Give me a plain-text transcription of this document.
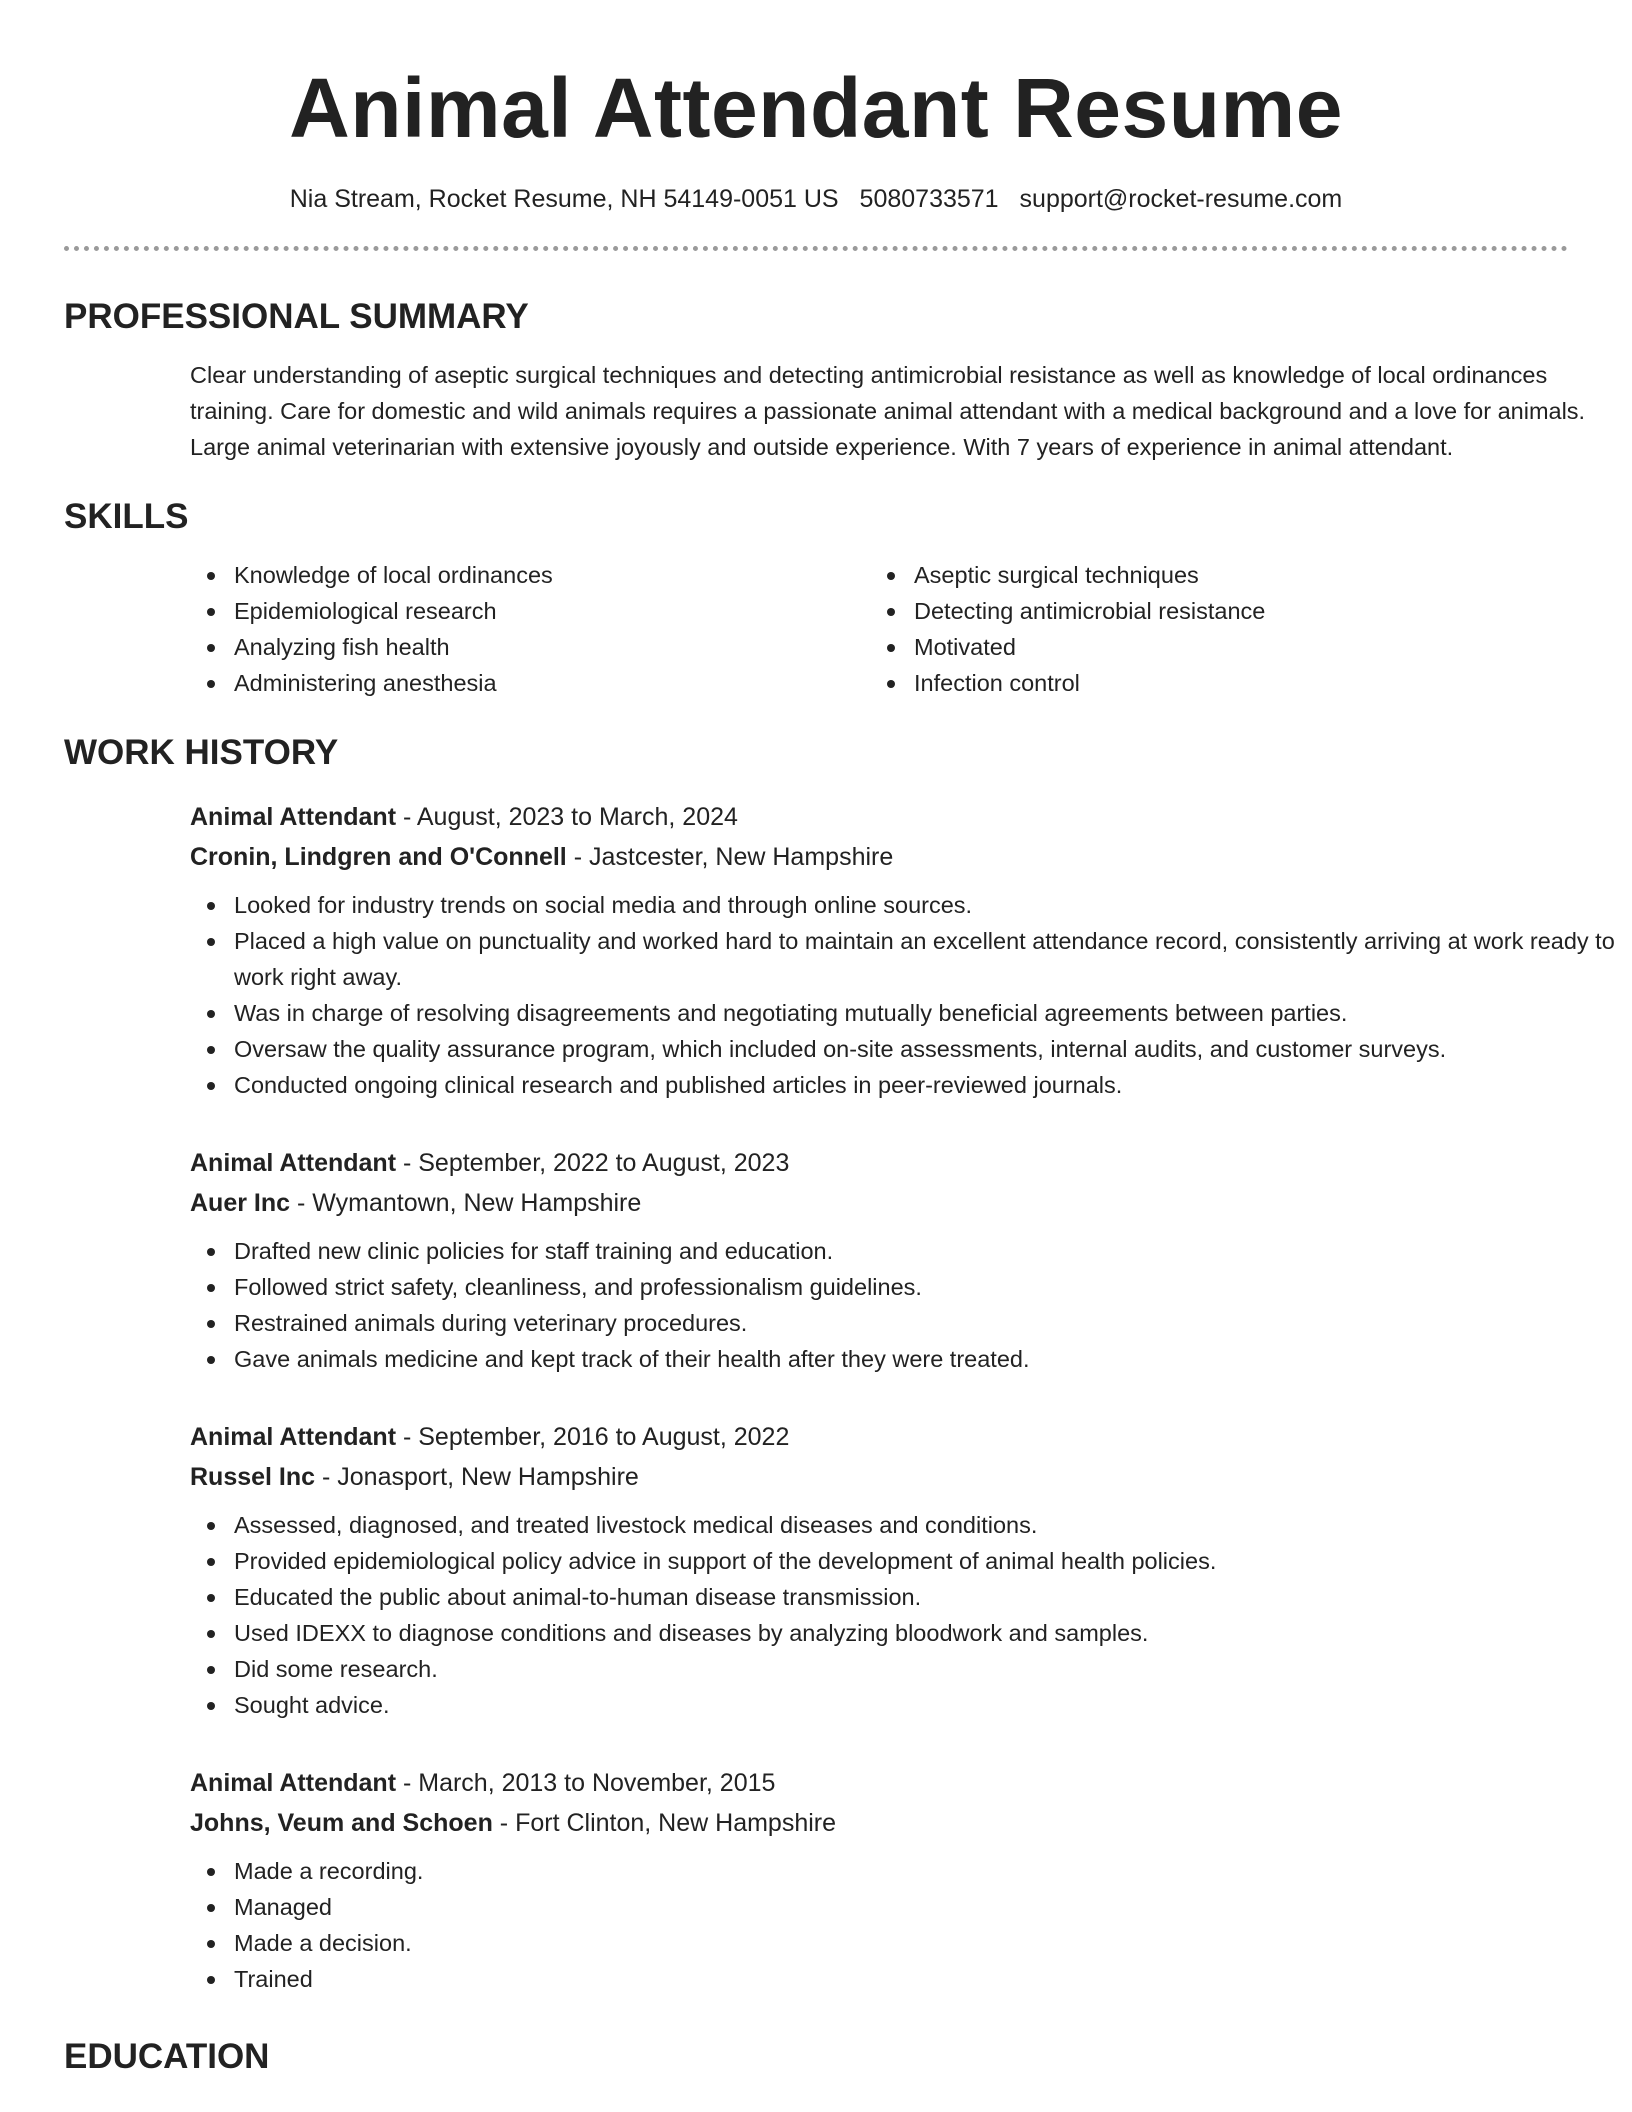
Animal Attendant Resume
Nia Stream, Rocket Resume, NH 54149-0051 US 5080733571 support@rocket-resume.com
PROFESSIONAL SUMMARY

Clear understanding of aseptic surgical techniques and detecting antimicrobial resistance as well as knowledge of local ordinances training. Care for domestic and wild animals requires a passionate animal attendant with a medical background and a love for animals. Large animal veterinarian with extensive joyously and outside experience. With 7 years of experience in animal attendant.

SKILLS
Knowledge of local ordinances
Epidemiological research
Analyzing fish health
Administering anesthesia
Aseptic surgical techniques
Detecting antimicrobial resistance
Motivated
Infection control
WORK HISTORY
Animal Attendant - August, 2023 to March, 2024
Cronin, Lindgren and O'Connell - Jastcester, New Hampshire
Looked for industry trends on social media and through online sources.
Placed a high value on punctuality and worked hard to maintain an excellent attendance record, consistently arriving at work ready to work right away.
Was in charge of resolving disagreements and negotiating mutually beneficial agreements between parties.
Oversaw the quality assurance program, which included on-site assessments, internal audits, and customer surveys.
Conducted ongoing clinical research and published articles in peer-reviewed journals.
Animal Attendant - September, 2022 to August, 2023
Auer Inc - Wymantown, New Hampshire
Drafted new clinic policies for staff training and education.
Followed strict safety, cleanliness, and professionalism guidelines.
Restrained animals during veterinary procedures.
Gave animals medicine and kept track of their health after they were treated.
Animal Attendant - September, 2016 to August, 2022
Russel Inc - Jonasport, New Hampshire
Assessed, diagnosed, and treated livestock medical diseases and conditions.
Provided epidemiological policy advice in support of the development of animal health policies.
Educated the public about animal-to-human disease transmission.
Used IDEXX to diagnose conditions and diseases by analyzing bloodwork and samples.
Did some research.
Sought advice.
Animal Attendant - March, 2013 to November, 2015
Johns, Veum and Schoen - Fort Clinton, New Hampshire
Made a recording.
Managed
Made a decision.
Trained
EDUCATION
